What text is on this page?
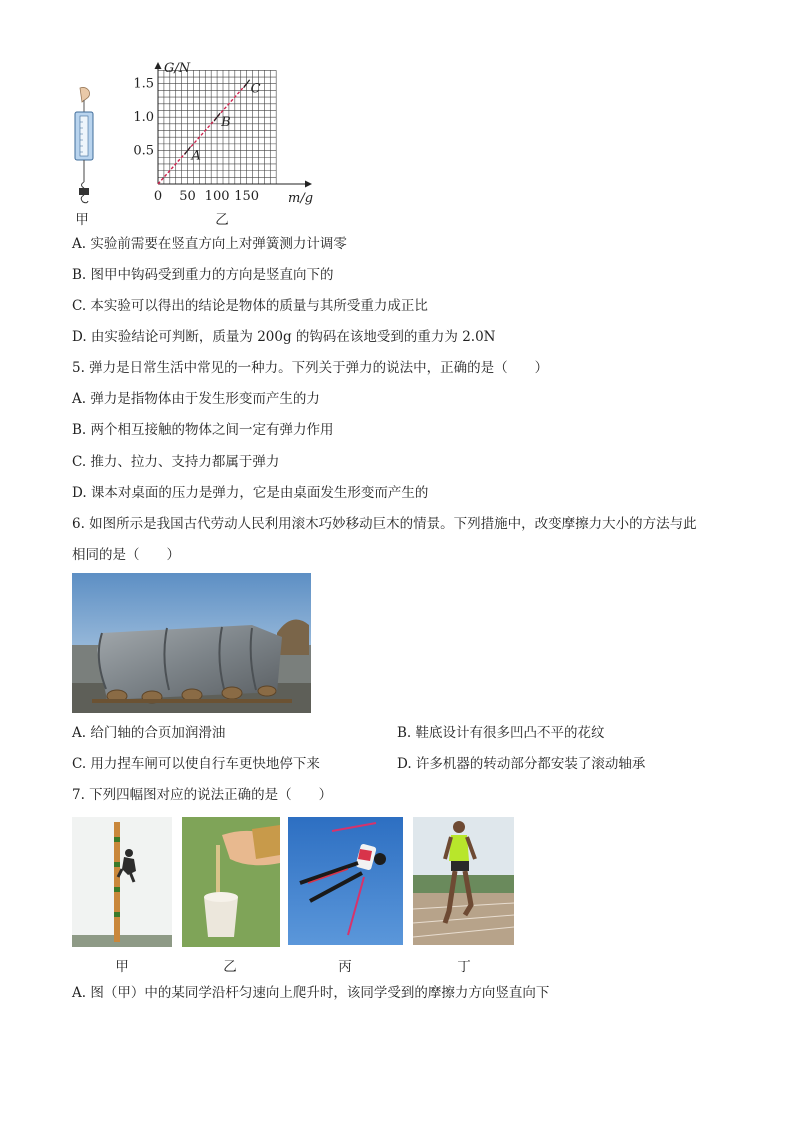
甲
G/N
m/g
0 50 100 150
0.5
1.0
1.5
A
B
C
乙
A. 实验前需要在竖直方向上对弹簧测力计调零
B. 图甲中钩码受到重力的方向是竖直向下的
C. 本实验可以得出的结论是物体的质量与其所受重力成正比
D. 由实验结论可判断，质量为 200g 的钩码在该地受到的重力为 2.0N
5. 弹力是日常生活中常见的一种力。下列关于弹力的说法中，正确的是（　　）
A. 弹力是指物体由于发生形变而产生的力
B. 两个相互接触的物体之间一定有弹力作用
C. 推力、拉力、支持力都属于弹力
D. 课本对桌面的压力是弹力，它是由桌面发生形变而产生的
6. 如图所示是我国古代劳动人民利用滚木巧妙移动巨木的情景。下列措施中，改变摩擦力大小的方法与此
相同的是（　　）
A. 给门轴的合页加润滑油	B. 鞋底设计有很多凹凸不平的花纹
C. 用力捏车闸可以使自行车更快地停下来	D. 许多机器的转动部分都安装了滚动轴承
7. 下列四幅图对应的说法正确的是（　　）
甲	乙	丙	丁
A. 图（甲）中的某同学沿杆匀速向上爬升时，该同学受到的摩擦力方向竖直向下
